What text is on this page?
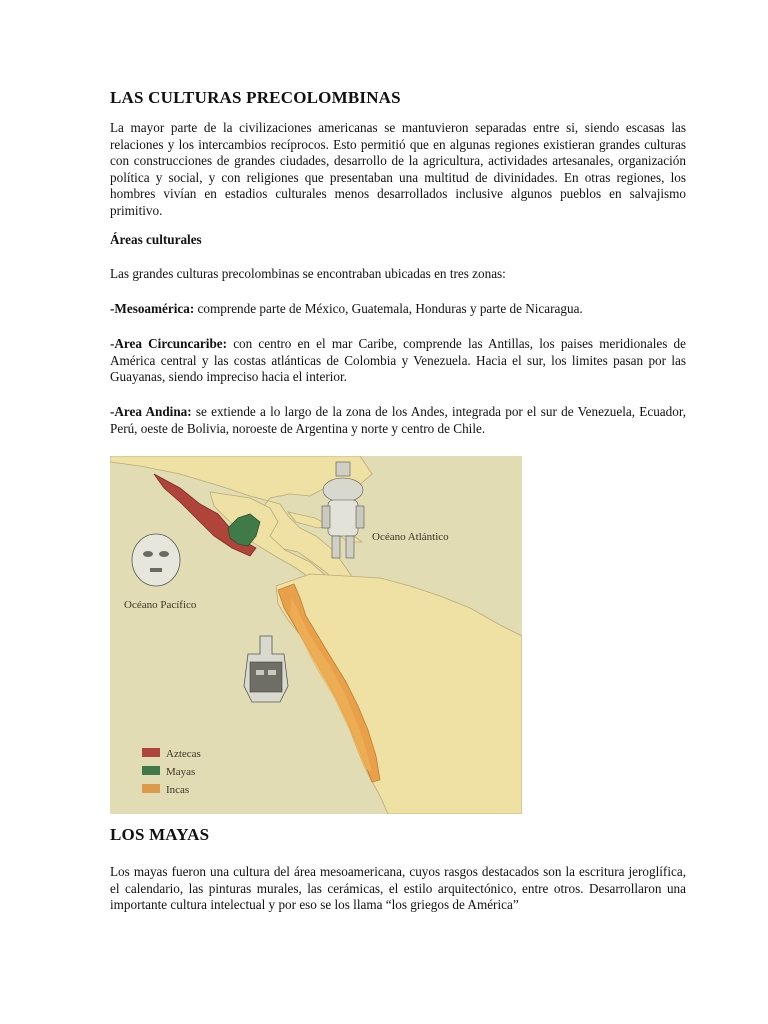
LAS CULTURAS PRECOLOMBINAS

La mayor parte de la civilizaciones americanas se mantuvieron separadas entre si, siendo escasas las relaciones y los intercambios recíprocos. Esto permitió que en algunas regiones existieran grandes culturas con construcciones de grandes ciudades, desarrollo de la agricultura, actividades artesanales, organización política y social, y con religiones que presentaban una multitud de divinidades. En otras regiones, los hombres vivían en estadios culturales menos desarrollados inclusive algunos pueblos en salvajismo primitivo.

Áreas culturales

Las grandes culturas precolombinas se encontraban ubicadas en tres zonas:

-Mesoamérica: comprende parte de México, Guatemala, Honduras y parte de Nicaragua.

-Area Circuncaribe: con centro en el mar Caribe, comprende las Antillas, los paises meridionales de América central y las costas atlánticas de Colombia y Venezuela. Hacia el sur, los limites pasan por las Guayanas, siendo impreciso hacia el interior.

-Area Andina: se extiende a lo largo de la zona de los Andes, integrada por el sur de Venezuela, Ecuador, Perú, oeste de Bolivia, noroeste de Argentina y norte y centro de Chile.

LOS MAYAS

Los mayas fueron una cultura del área mesoamericana, cuyos rasgos destacados son la escritura jeroglífica, el calendario, las pinturas murales, las cerámicas, el estilo arquitectónico, entre otros. Desarrollaron una importante cultura intelectual y por eso se los llama “los griegos de América”

Océano Atlántico
Océano Pacífico
Aztecas
Mayas
Incas
